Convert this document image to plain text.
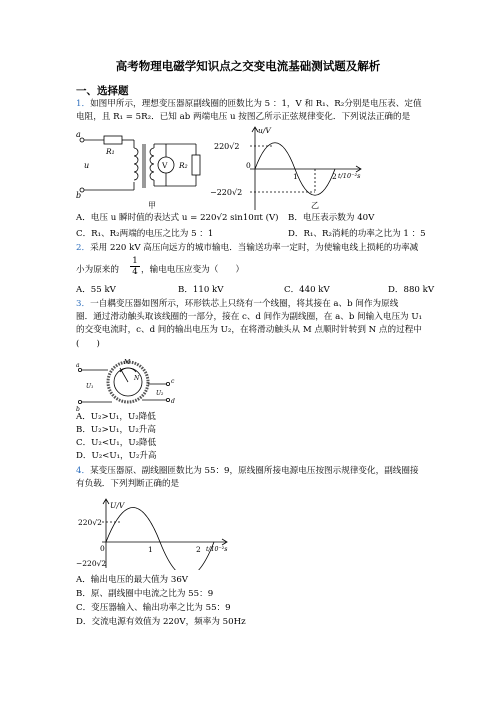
高考物理电磁学知识点之交变电流基础测试题及解析
一、选择题
1．如图甲所示，理想变压器原副线圈的匝数比为 5 ：1，V 和 R₁、R₂分别是电压表、定值
电阻，且 R₁ = 5R₂．已知 ab 两端电压 u 按图乙所示正弦规律变化．下列说法正确的是
a
b
u
R₁
V R₂
甲
u/V
220√2
−220√2
0
1	2 t/10⁻²s
乙
A．电压 u 瞬时值的表达式 u = 220√2 sin10πt (V) B．电压表示数为 40V
C．R₁、R₂两端的电压之比为 5 ：1	D．R₁、R₂消耗的功率之比为 1 ：5
2．采用 220 kV 高压向远方的城市输电．当输送功率一定时，为使输电线上损耗的功率减
小为原来的 $\frac{1}{4}$ ，输电电压应变为（　　）
A．55 kV	B．110 kV	C．440 kV	D．880 kV
3．一自耦变压器如图所示，环形铁芯上只绕有一个线圈，将其接在 a、b 间作为原线
圈．通过滑动触头取该线圈的一部分，接在 c、d 间作为副线圈，在 a、b 间输入电压为 U₁
的交变电流时，c、d 间的输出电压为 U₂，在将滑动触头从 M 点顺时针转到 N 点的过程中
(　　)
a
b
c
d
U₁
U₂
M
N
A．U₂>U₁，U₂降低
B．U₂>U₁，U₂升高
C．U₂<U₁，U₂降低
D．U₂<U₁，U₂升高
4．某变压器原、副线圈匝数比为 55：9，原线圈所接电源电压按图示规律变化，副线圈接
有负载．下列判断正确的是
U/V
220√2
−220√2
0	1	2 t/10⁻²s
A．输出电压的最大值为 36V
B．原、副线圈中电流之比为 55：9
C．变压器输入、输出功率之比为 55：9
D．交流电源有效值为 220V，频率为 50Hz
